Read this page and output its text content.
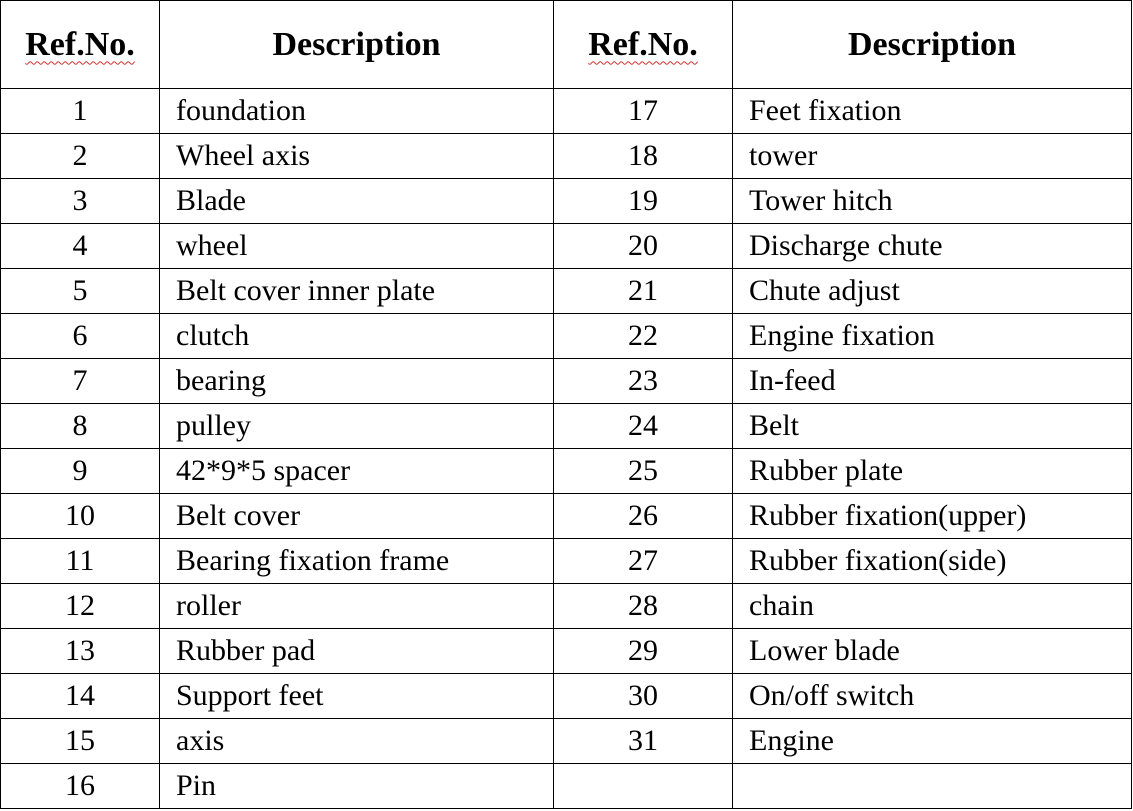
Ref.No.	Description	Ref.No.	Description
1	foundation	17	Feet fixation
2	Wheel axis	18	tower
3	Blade	19	Tower hitch
4	wheel	20	Discharge chute
5	Belt cover inner plate	21	Chute adjust
6	clutch	22	Engine fixation
7	bearing	23	In-feed
8	pulley	24	Belt
9	42*9*5 spacer	25	Rubber plate
10	Belt cover	26	Rubber fixation(upper)
11	Bearing fixation frame	27	Rubber fixation(side)
12	roller	28	chain
13	Rubber pad	29	Lower blade
14	Support feet	30	On/off switch
15	axis	31	Engine
16	Pin		
